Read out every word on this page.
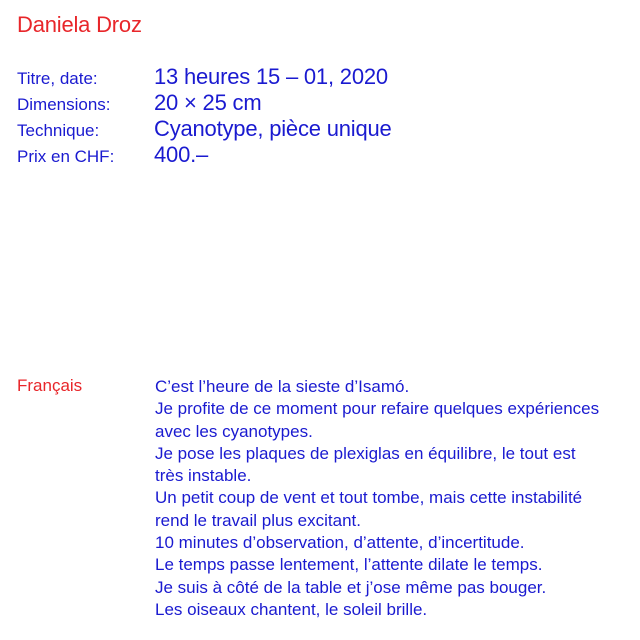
Daniela Droz
Titre, date:	13 heures 15 – 01, 2020
Dimensions:	20 × 25 cm
Technique:	Cyanotype, pièce unique
Prix en CHF:	400.–
Français	C’est l’heure de la sieste d’Isamó.
Je profite de ce moment pour refaire quelques expériences
avec les cyanotypes.
Je pose les plaques de plexiglas en équilibre, le tout est
très instable.
Un petit coup de vent et tout tombe, mais cette instabilité
rend le travail plus excitant.
10 minutes d’observation, d’attente, d’incertitude.
Le temps passe lentement, l’attente dilate le temps.
Je suis à côté de la table et j’ose même pas bouger.
Les oiseaux chantent, le soleil brille.
